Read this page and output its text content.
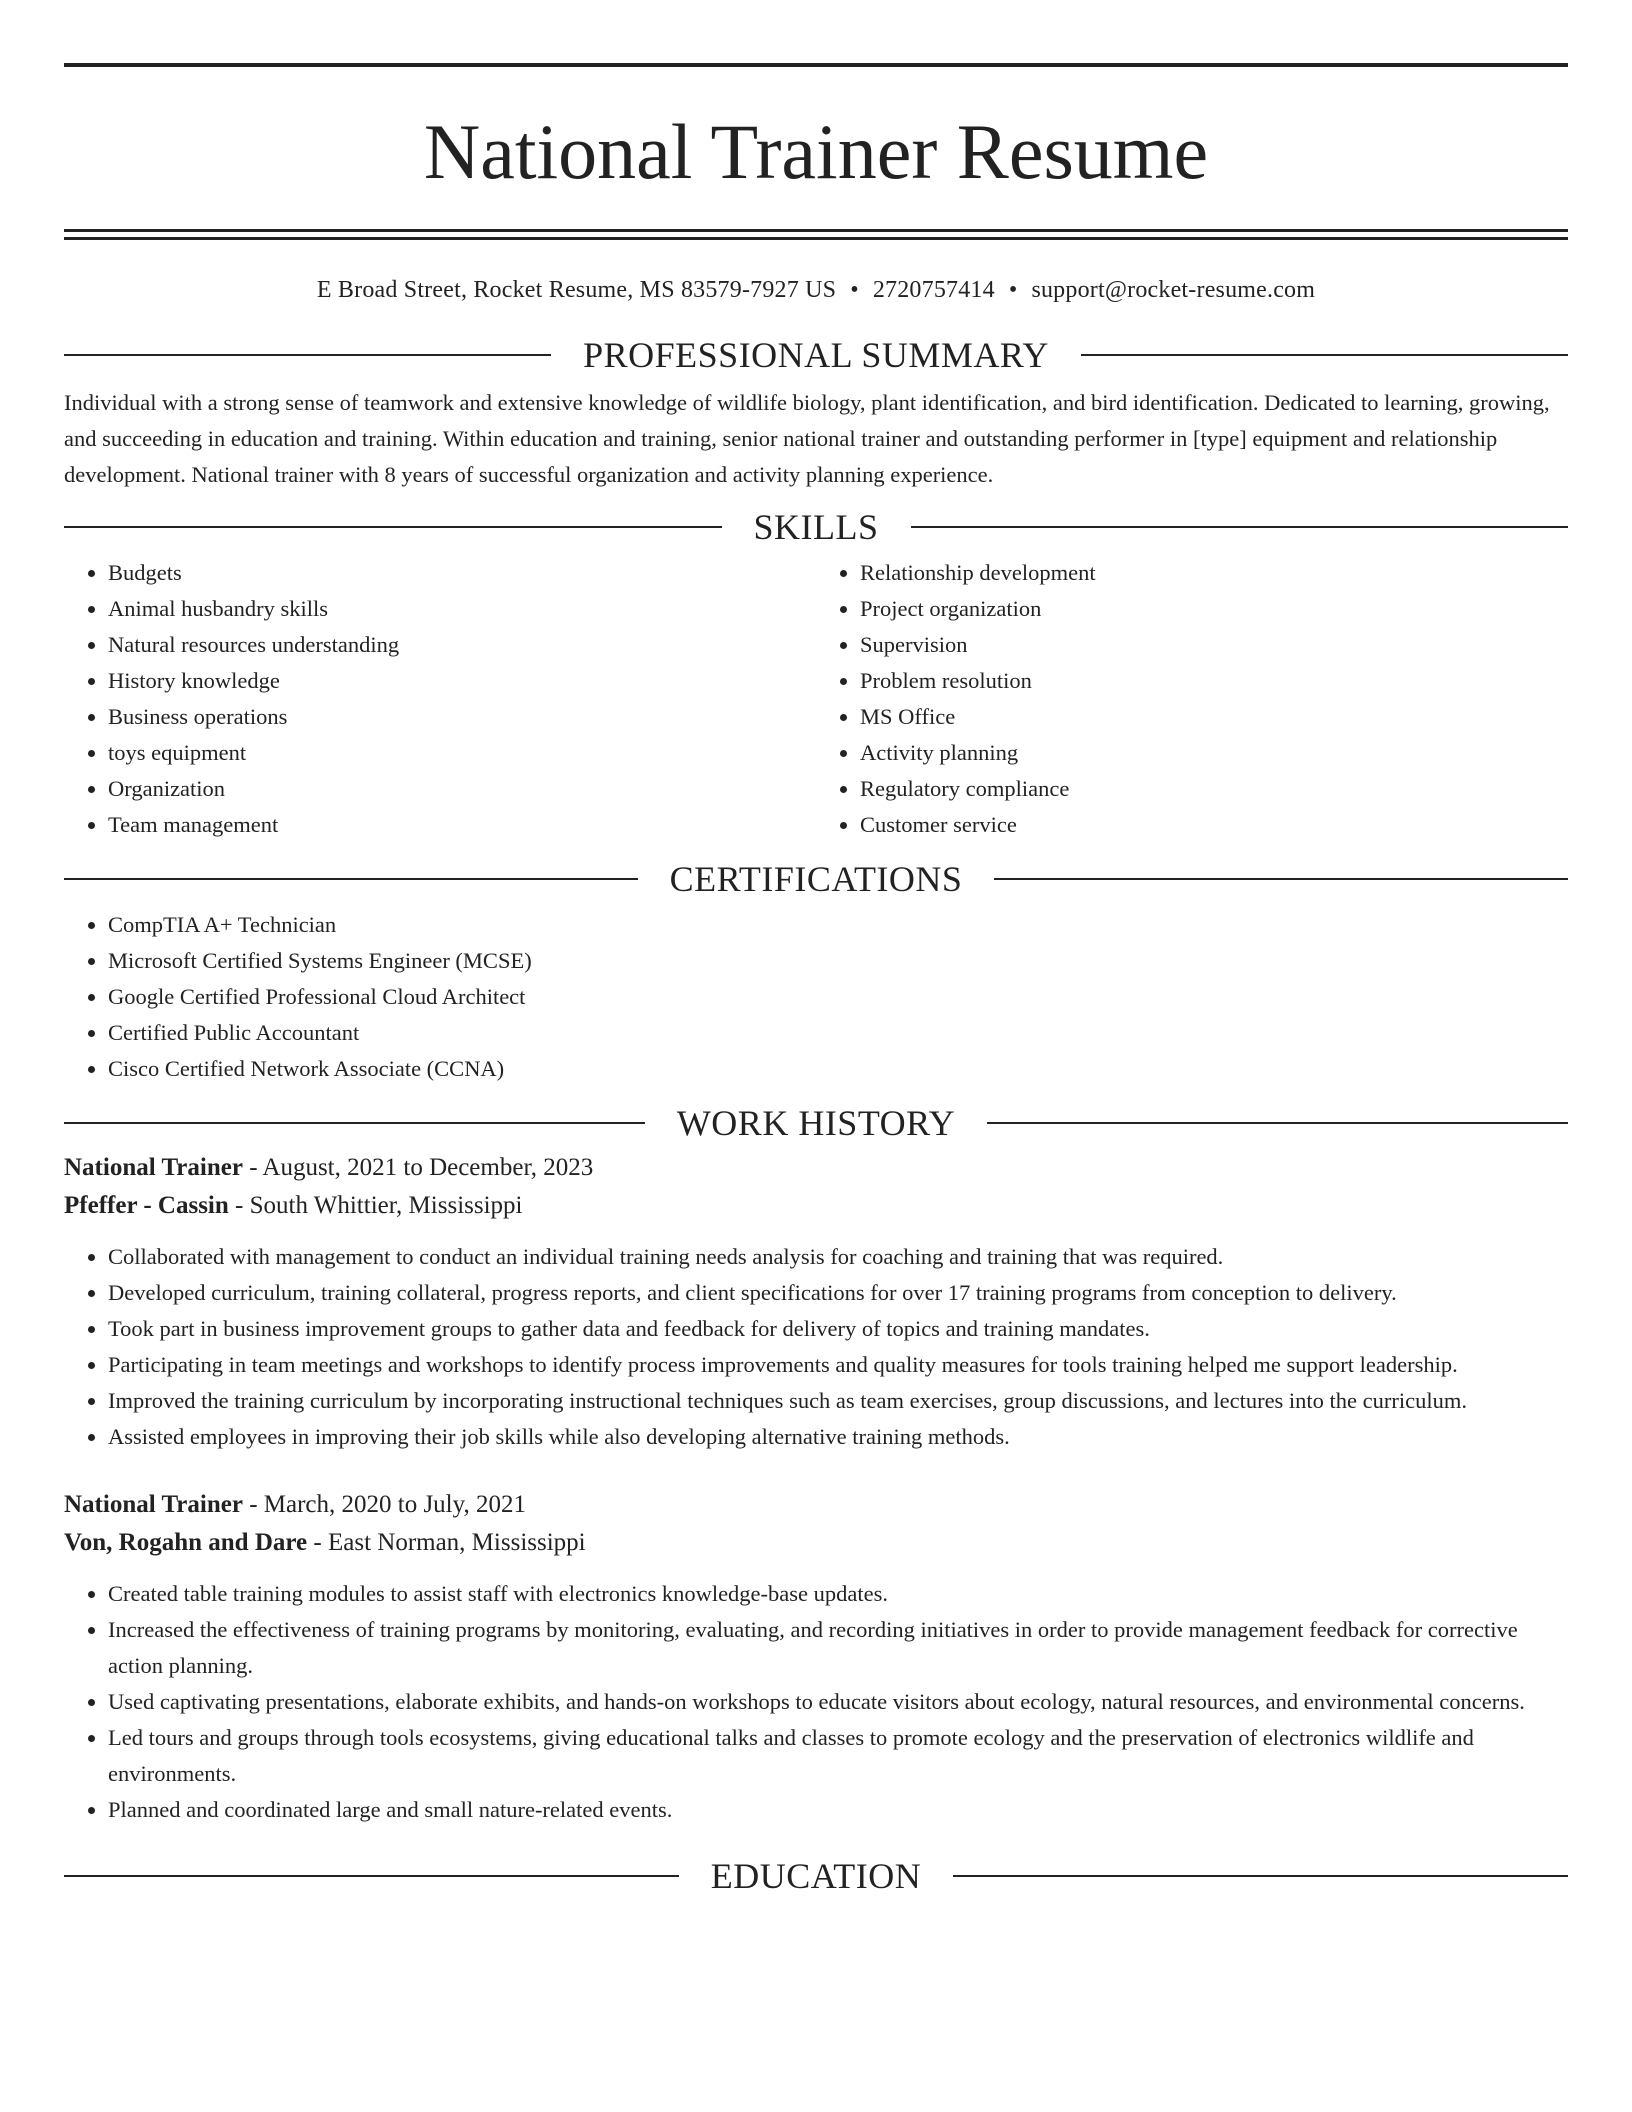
National Trainer Resume
E Broad Street, Rocket Resume, MS 83579-7927 US • 2720757414 • support@rocket-resume.com
PROFESSIONAL SUMMARY
Individual with a strong sense of teamwork and extensive knowledge of wildlife biology, plant identification, and bird identification. Dedicated to learning, growing, and succeeding in education and training. Within education and training, senior national trainer and outstanding performer in [type] equipment and relationship development. National trainer with 8 years of successful organization and activity planning experience.
SKILLS
• Budgets
• Animal husbandry skills
• Natural resources understanding
• History knowledge
• Business operations
• toys equipment
• Organization
• Team management
• Relationship development
• Project organization
• Supervision
• Problem resolution
• MS Office
• Activity planning
• Regulatory compliance
• Customer service
CERTIFICATIONS
• CompTIA A+ Technician
• Microsoft Certified Systems Engineer (MCSE)
• Google Certified Professional Cloud Architect
• Certified Public Accountant
• Cisco Certified Network Associate (CCNA)
WORK HISTORY
National Trainer - August, 2021 to December, 2023
Pfeffer - Cassin - South Whittier, Mississippi
• Collaborated with management to conduct an individual training needs analysis for coaching and training that was required.
• Developed curriculum, training collateral, progress reports, and client specifications for over 17 training programs from conception to delivery.
• Took part in business improvement groups to gather data and feedback for delivery of topics and training mandates.
• Participating in team meetings and workshops to identify process improvements and quality measures for tools training helped me support leadership.
• Improved the training curriculum by incorporating instructional techniques such as team exercises, group discussions, and lectures into the curriculum.
• Assisted employees in improving their job skills while also developing alternative training methods.
National Trainer - March, 2020 to July, 2021
Von, Rogahn and Dare - East Norman, Mississippi
• Created table training modules to assist staff with electronics knowledge-base updates.
• Increased the effectiveness of training programs by monitoring, evaluating, and recording initiatives in order to provide management feedback for corrective action planning.
• Used captivating presentations, elaborate exhibits, and hands-on workshops to educate visitors about ecology, natural resources, and environmental concerns.
• Led tours and groups through tools ecosystems, giving educational talks and classes to promote ecology and the preservation of electronics wildlife and environments.
• Planned and coordinated large and small nature-related events.
EDUCATION
